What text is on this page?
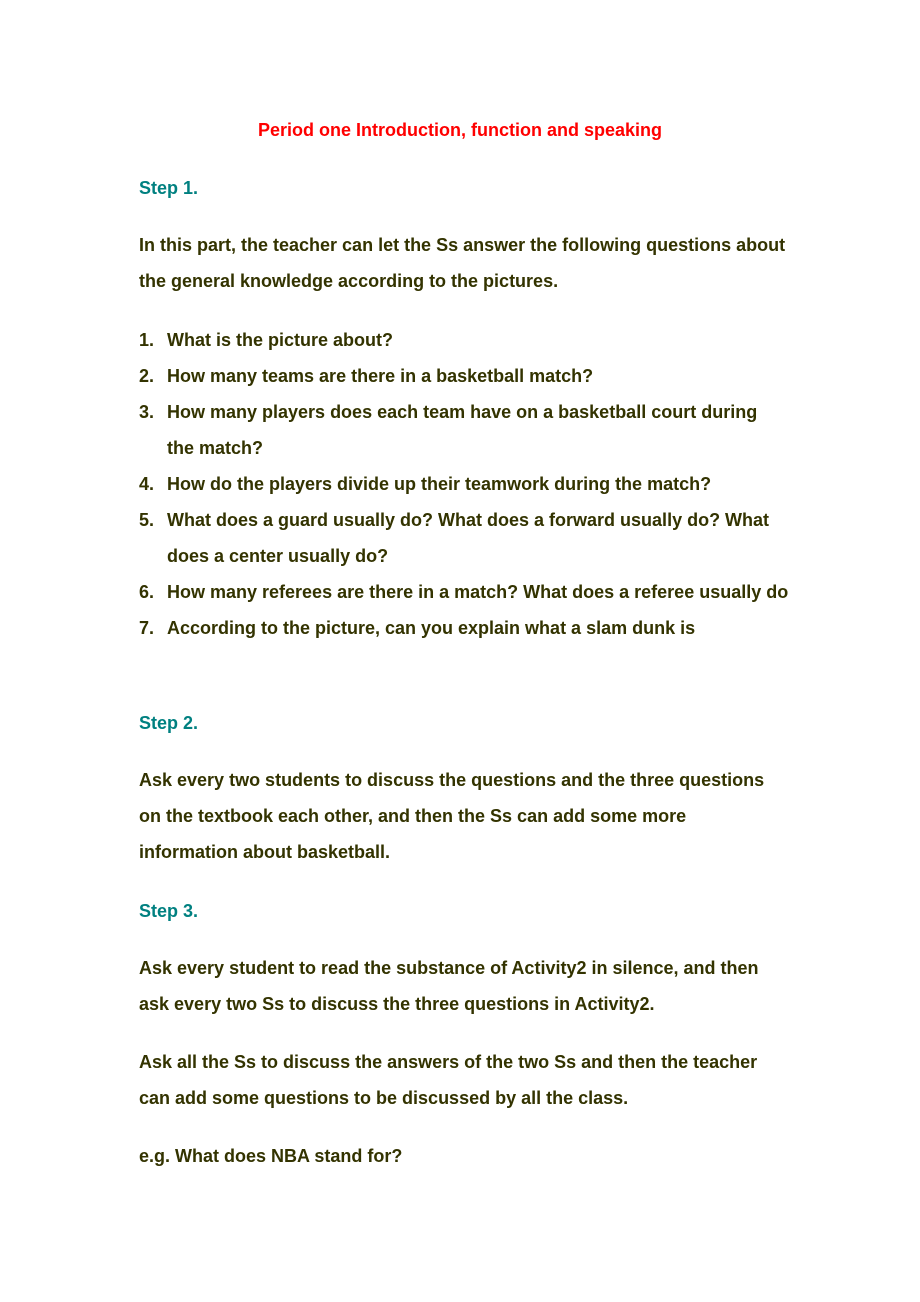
Period one Introduction, function and speaking
Step 1.

In this part, the teacher can let the Ss answer the following questions about the general knowledge according to the pictures.

1. What is the picture about?
2. How many teams are there in a basketball match?
3. How many players does each team have on a basketball court during the match?
4. How do the players divide up their teamwork during the match?
5. What does a guard usually do? What does a forward usually do? What does a center usually do?
6. How many referees are there in a match? What does a referee usually do
7. According to the picture, can you explain what a slam dunk is
Step 2.

Ask every two students to discuss the questions and the three questions on the textbook each other, and then the Ss can add some more information about basketball.

Step 3.

Ask every student to read the substance of Activity2 in silence, and then ask every two Ss to discuss the three questions in Activity2.

Ask all the Ss to discuss the answers of the two Ss and then the teacher can add some questions to be discussed by all the class.

e.g. What does NBA stand for?
